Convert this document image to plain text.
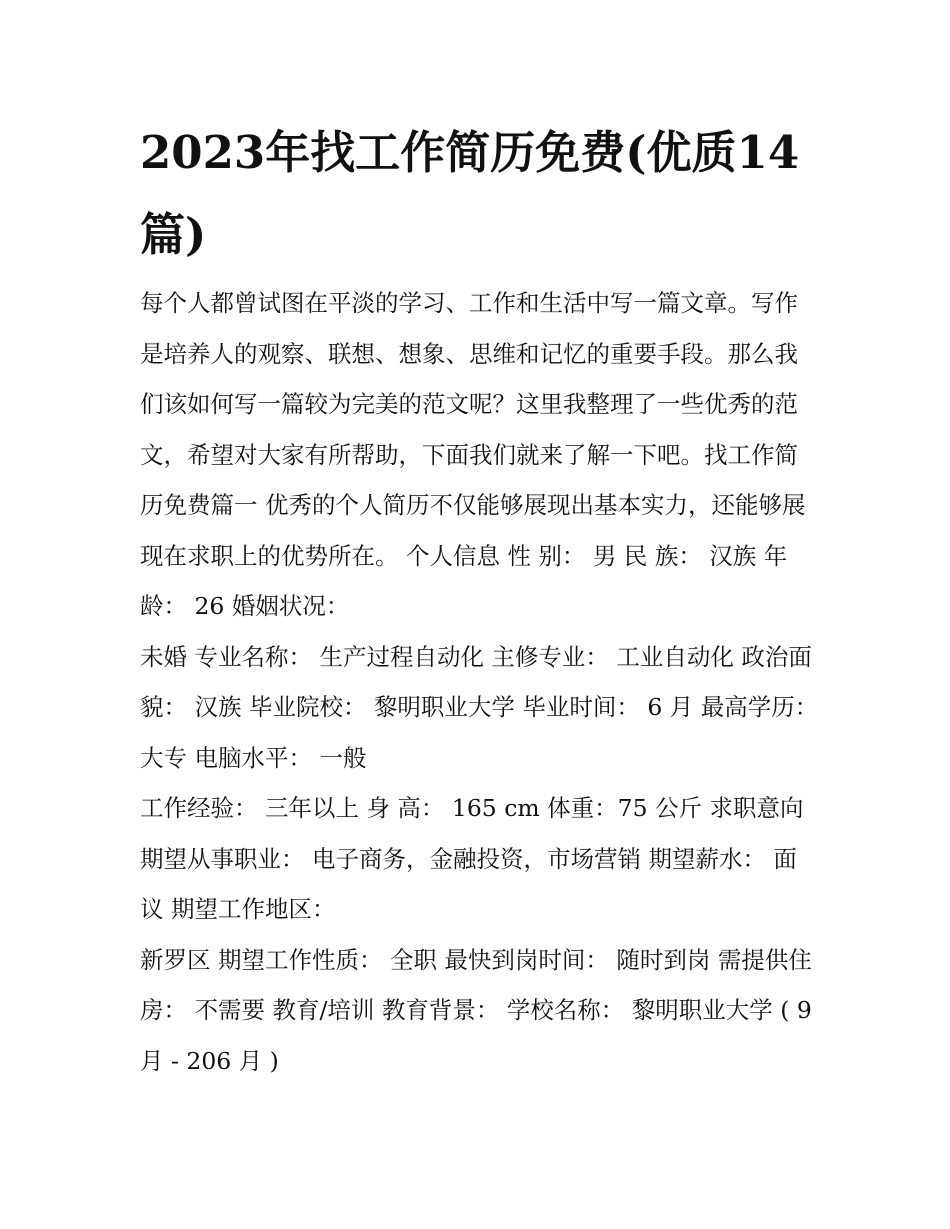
2023年找工作简历免费(优质14篇)

每个人都曾试图在平淡的学习、工作和生活中写一篇文章。写作是培养人的观察、联想、想象、思维和记忆的重要手段。那么我们该如何写一篇较为完美的范文呢？这里我整理了一些优秀的范文，希望对大家有所帮助，下面我们就来了解一下吧。找工作简历免费篇一 优秀的个人简历不仅能够展现出基本实力，还能够展现在求职上的优势所在。 个人信息 性 别： 男 民 族： 汉族 年 龄： 26 婚姻状况：

未婚 专业名称： 生产过程自动化 主修专业： 工业自动化 政治面貌： 汉族 毕业院校： 黎明职业大学 毕业时间： 6 月 最高学历： 大专 电脑水平： 一般

工作经验： 三年以上 身 高： 165 cm 体重：75 公斤 求职意向 期望从事职业： 电子商务，金融投资，市场营销 期望薪水： 面议 期望工作地区：

新罗区 期望工作性质： 全职 最快到岗时间： 随时到岗 需提供住房： 不需要 教育/培训 教育背景： 学校名称： 黎明职业大学 ( 9 月 - 206 月 )
